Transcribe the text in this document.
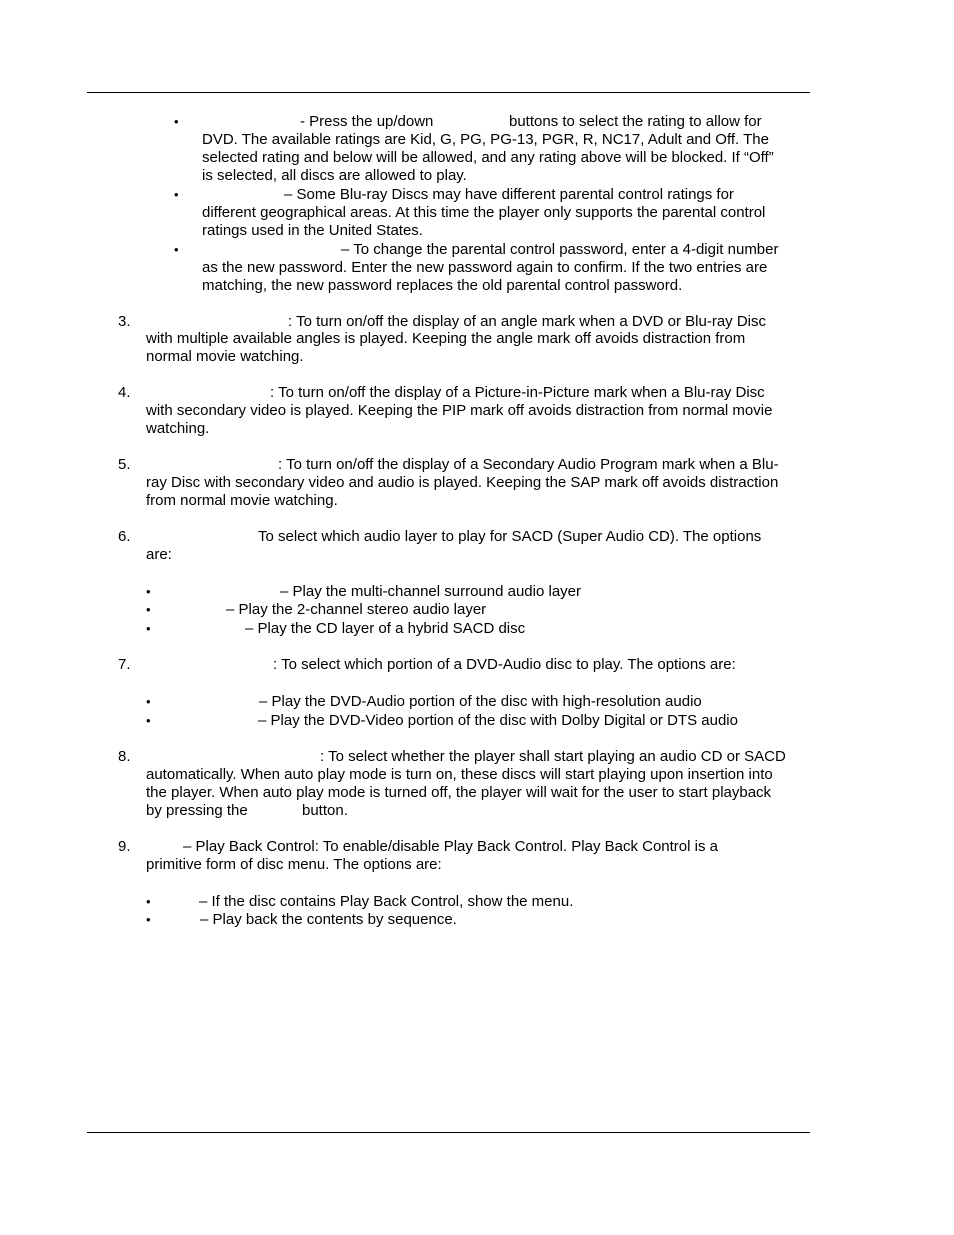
•	- Press the up/down	buttons to select the rating to allow for
DVD. The available ratings are Kid, G, PG, PG-13, PGR, R, NC17, Adult and Off. The
selected rating and below will be allowed, and any rating above will be blocked. If “Off”
is selected, all discs are allowed to play.
•	– Some Blu-ray Discs may have different parental control ratings for
different geographical areas. At this time the player only supports the parental control
ratings used in the United States.
•	– To change the parental control password, enter a 4-digit number
as the new password. Enter the new password again to confirm. If the two entries are
matching, the new password replaces the old parental control password.
3.	: To turn on/off the display of an angle mark when a DVD or Blu-ray Disc
with multiple available angles is played. Keeping the angle mark off avoids distraction from
normal movie watching.
4.	: To turn on/off the display of a Picture-in-Picture mark when a Blu-ray Disc
with secondary video is played. Keeping the PIP mark off avoids distraction from normal movie
watching.
5.	: To turn on/off the display of a Secondary Audio Program mark when a Blu-
ray Disc with secondary video and audio is played. Keeping the SAP mark off avoids distraction
from normal movie watching.
6.	To select which audio layer to play for SACD (Super Audio CD). The options
are:
•	– Play the multi-channel surround audio layer
•	– Play the 2-channel stereo audio layer
•	– Play the CD layer of a hybrid SACD disc
7.	: To select which portion of a DVD-Audio disc to play. The options are:
•	– Play the DVD-Audio portion of the disc with high-resolution audio
•	– Play the DVD-Video portion of the disc with Dolby Digital or DTS audio
8.	: To select whether the player shall start playing an audio CD or SACD
automatically. When auto play mode is turn on, these discs will start playing upon insertion into
the player. When auto play mode is turned off, the player will wait for the user to start playback
by pressing the	button.
9.	– Play Back Control: To enable/disable Play Back Control. Play Back Control is a
primitive form of disc menu. The options are:
•	– If the disc contains Play Back Control, show the menu.
•	– Play back the contents by sequence.
